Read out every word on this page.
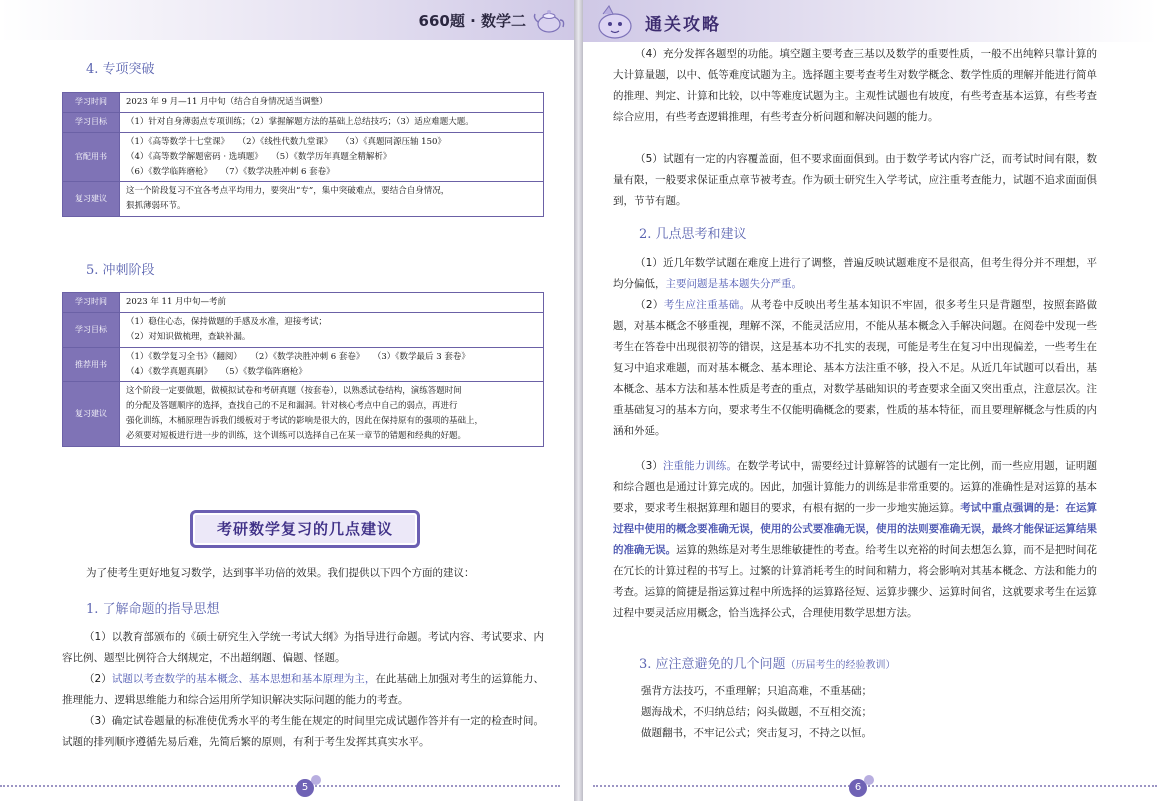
660题 · 数学二
4. 专项突破
学习时间	2023 年 9 月—11 月中旬（结合自身情况适当调整）

学习目标	（1）针对自身薄弱点专项训练；（2）掌握解题方法的基础上总结技巧；（3）适应难题大题。

官配用书	（1）《高等数学十七堂课》　　（2）《线性代数九堂课》　　（3）《真题同源压轴 150》
（4）《高等数学解题密码 · 选填题》　　（5）《数学历年真题全精解析》
（6）《数学临阵磨枪》　　（7）《数学决胜冲刺 6 套卷》

复习建议	这一个阶段复习不宜各考点平均用力，要突出“专”，集中突破难点，要结合自身情况，
狠抓薄弱环节。
5. 冲刺阶段
学习时间	2023 年 11 月中旬—考前

学习目标	（1）稳住心态，保持做题的手感及水准，迎接考试；
（2）对知识做梳理，查缺补漏。

推荐用书	（1）《数学复习全书》（翻阅）　　（2）《数学决胜冲刺 6 套卷》　　（3）《数学最后 3 套卷》
（4）《数学真题真刷》　　（5）《数学临阵磨枪》

复习建议	这个阶段一定要做题，做模拟试卷和考研真题（按套卷），以熟悉试卷结构，演练答题时间
的分配及答题顺序的选择，查找自己的不足和漏洞。针对核心考点中自己的弱点，再进行
强化训练，木桶原理告诉我们缓板对于考试的影响是很大的，因此在保持原有的强项的基础上，
必须要对短板进行进一步的训练，这个训练可以选择自己在某一章节的错题和经典的好题。
考研数学复习的几点建议
为了使考生更好地复习数学，达到事半功倍的效果。我们提供以下四个方面的建议：
1. 了解命题的指导思想
（1）以教育部颁布的《硕士研究生入学统一考试大纲》为指导进行命题。考试内容、考试要求、内容比例、题型比例符合大纲规定，不出超纲题、偏题、怪题。
（2）试题以考查数学的基本概念、基本思想和基本原理为主，在此基础上加强对考生的运算能力、推理能力、逻辑思维能力和综合运用所学知识解决实际问题的能力的考查。
（3）确定试卷题量的标准使优秀水平的考生能在规定的时间里完成试题作答并有一定的检查时间。试题的排列顺序遵循先易后难，先简后繁的原则，有利于考生发挥其真实水平。
5
通关攻略
（4）充分发挥各题型的功能。填空题主要考查三基以及数学的重要性质，一般不出纯粹只靠计算的大计算量题，以中、低等难度试题为主。选择题主要考查考生对数学概念、数学性质的理解并能进行简单的推理、判定、计算和比较，以中等难度试题为主。主观性试题也有坡度，有些考查基本运算，有些考查综合应用，有些考查逻辑推理，有些考查分析问题和解决问题的能力。
（5）试题有一定的内容覆盖面，但不要求面面俱到。由于数学考试内容广泛，而考试时间有限，数量有限，一般要求保证重点章节被考查。作为硕士研究生入学考试，应注重考查能力，试题不追求面面俱到，节节有题。
2. 几点思考和建议
（1）近几年数学试题在难度上进行了调整，普遍反映试题难度不是很高，但考生得分并不理想，平均分偏低，主要问题是基本题失分严重。
（2）考生应注重基础。从考卷中反映出考生基本知识不牢固，很多考生只是背题型，按照套路做题，对基本概念不够重视，理解不深，不能灵活应用，不能从基本概念入手解决问题。在阅卷中发现一些考生在答卷中出现很初等的错误，这是基本功不扎实的表现，可能是考生在复习中出现偏差，一些考生在复习中追求难题，而对基本概念、基本理论、基本方法注重不够，投入不足。从近几年试题可以看出，基本概念、基本方法和基本性质是考查的重点，对数学基础知识的考查要求全面又突出重点，注意层次。注重基础复习的基本方向，要求考生不仅能明确概念的要素，性质的基本特征，而且要理解概念与性质的内涵和外延。
（3）注重能力训练。在数学考试中，需要经过计算解答的试题有一定比例，而一些应用题，证明题和综合题也是通过计算完成的。因此，加强计算能力的训练是非常重要的。运算的准确性是对运算的基本要求，要求考生根据算理和题目的要求，有根有据的一步一步地实施运算。考试中重点强调的是：在运算过程中使用的概念要准确无误，使用的公式要准确无误，使用的法则要准确无误，最终才能保证运算结果的准确无误。运算的熟练是对考生思维敏捷性的考查。给考生以充裕的时间去想怎么算，而不是把时间花在冗长的计算过程的书写上。过繁的计算消耗考生的时间和精力，将会影响对其基本概念、方法和能力的考查。运算的简捷是指运算过程中所选择的运算路径短、运算步骤少、运算时间省，这就要求考生在运算过程中要灵活应用概念，恰当选择公式，合理使用数学思想方法。
3. 应注意避免的几个问题（历届考生的经验教训）
强背方法技巧，不重理解；只追高难，不重基础；
题海战术，不归纳总结；闷头做题，不互相交流；
做题翻书，不牢记公式；突击复习，不持之以恒。
6
